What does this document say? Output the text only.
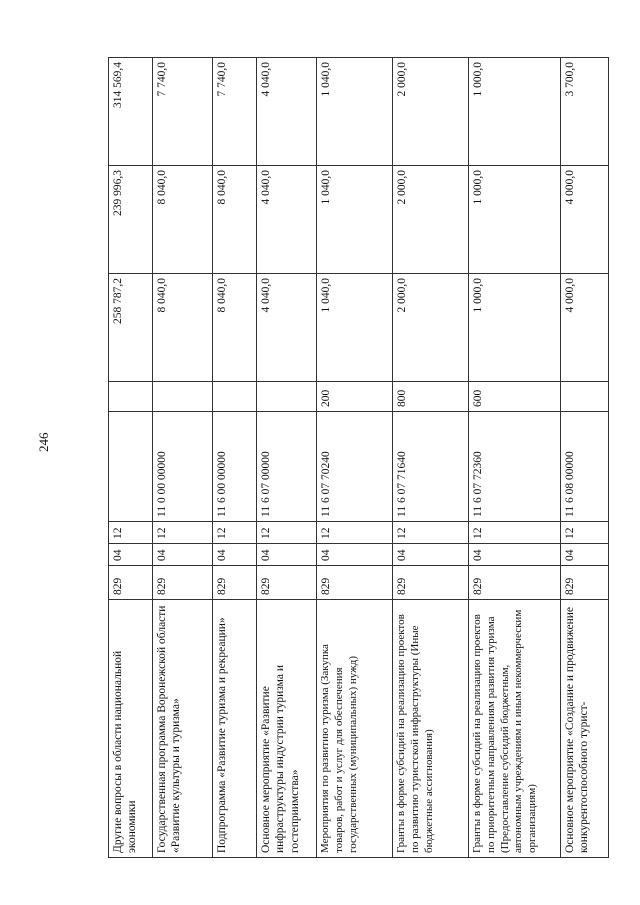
246
Другие вопросы в области национальной экономики	829	04	12			258 787,2	239 996,3	314 569,4
Государственная программа Воронежской области «Развитие культуры и туризма»	829	04	12	11 0 00 00000		8 040,0	8 040,0	7 740,0
Подпрограмма «Развитие туризма и рекреации»	829	04	12	11 6 00 00000		8 040,0	8 040,0	7 740,0
Основное мероприятие «Развитие инфраструктуры индустрии туризма и гостеприимства»	829	04	12	11 6 07 00000		4 040,0	4 040,0	4 040,0
Мероприятия по развитию туризма (Закупка товаров, работ и услуг для обеспечения государственных (муниципальных) нужд)	829	04	12	11 6 07 70240	200	1 040,0	1 040,0	1 040,0
Гранты в форме субсидий на реализацию проектов по развитию туристской инфраструктуры (Иные бюджетные ассигнования)	829	04	12	11 6 07 71640	800	2 000,0	2 000,0	2 000,0
Гранты в форме субсидий на реализацию проектов по приоритетным направлениям развития туризма (Предоставление субсидий бюджетным, автономным учреждениям и иным некоммерческим организациям)	829	04	12	11 6 07 72360	600	1 000,0	1 000,0	1 000,0
Основное мероприятие «Создание и продвижение конкурентоспособного турист-	829	04	12	11 6 08 00000		4 000,0	4 000,0	3 700,0
